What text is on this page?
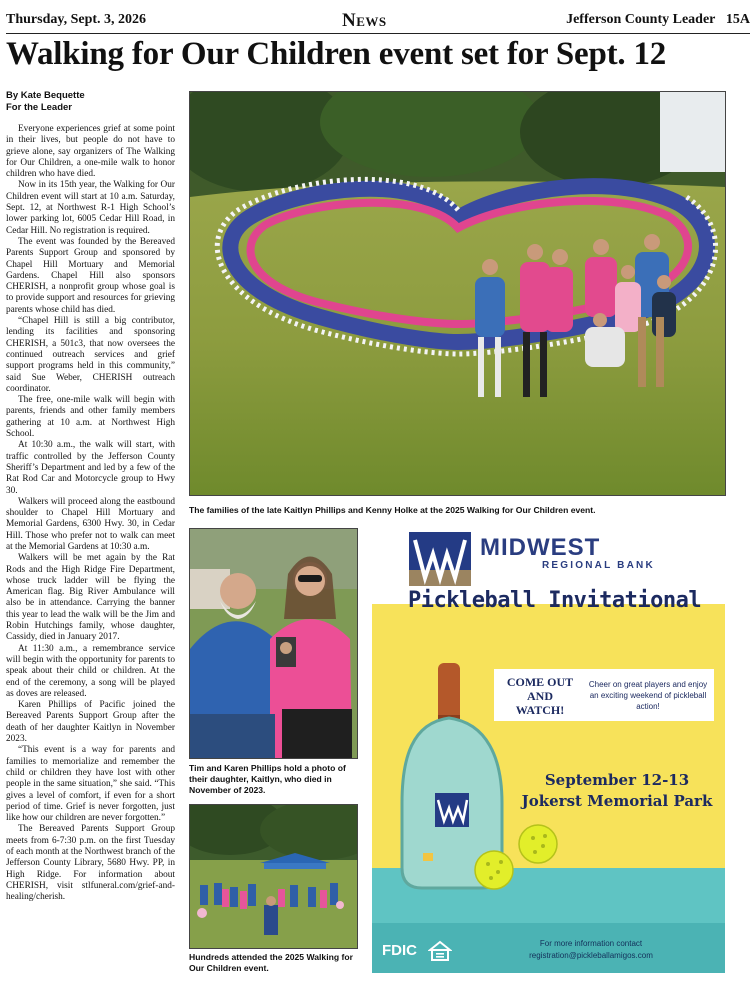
Thursday, Sept. 3, 2026	News	Jefferson County Leader 15A
Walking for Our Children event set for Sept. 12
By Kate Bequette
For the Leader

Everyone experiences grief at some point in their lives, but people do not have to grieve alone, say organizers of The Walking for Our Children, a one-mile walk to honor children who have died.

Now in its 15th year, the Walking for Our Children event will start at 10 a.m. Saturday, Sept. 12, at Northwest R-1 High School’s lower parking lot, 6005 Cedar Hill Road, in Cedar Hill. No registration is required.

The event was founded by the Bereaved Parents Support Group and sponsored by Chapel Hill Mortuary and Memorial Gardens. Chapel Hill also sponsors CHERISH, a nonprofit group whose goal is to provide support and resources for grieving parents whose child has died.

“Chapel Hill is still a big contributor, lending its facilities and sponsoring CHERISH, a 501c3, that now oversees the continued outreach services and grief support programs held in this community,” said Sue Weber, CHERISH outreach coordinator.

The free, one-mile walk will begin with parents, friends and other family members gathering at 10 a.m. at Northwest High School.

At 10:30 a.m., the walk will start, with traffic controlled by the Jefferson County Sheriff’s Department and led by a few of the Rat Rod Car and Motorcycle group to Hwy 30.

Walkers will proceed along the eastbound shoulder to Chapel Hill Mortuary and Memorial Gardens, 6300 Hwy. 30, in Cedar Hill. Those who prefer not to walk can meet at the Memorial Gardens at 10:30 a.m.

Walkers will be met again by the Rat Rods and the High Ridge Fire Department, whose truck ladder will be flying the American flag. Big River Ambulance will also be in attendance. Carrying the banner this year to lead the walk will be the Jim and Robin Hutchings family, whose daughter, Cassidy, died in January 2017.

At 11:30 a.m., a remembrance service will begin with the opportunity for parents to speak about their child or children. At the end of the ceremony, a song will be played as doves are released.

Karen Phillips of Pacific joined the Bereaved Parents Support Group after the death of her daughter Kaitlyn in November 2023.

“This event is a way for parents and families to memorialize and remember the child or children they have lost with other people in the same situation,” she said. “This gives a level of comfort, if even for a short period of time. Grief is never forgotten, just like how our children are never forgotten.”

The Bereaved Parents Support Group meets from 6-7:30 p.m. on the first Tuesday of each month at the Northwest branch of the Jefferson County Library, 5680 Hwy. PP, in High Ridge. For information about CHERISH, visit stlfuneral.com/grief-and-healing/cherish.

The families of the late Kaitlyn Phillips and Kenny Holke at the 2025 Walking for Our Children event.
Tim and Karen Phillips hold a photo of their daughter, Kaitlyn, who died in November of 2023.
Hundreds attended the 2025 Walking for Our Children event.
MIDWEST
REGIONAL BANK
Pickleball Invitational
COME OUT
AND
WATCH!
Cheer on great players and enjoy an exciting weekend of pickleball action!
September 12-13
Jokerst Memorial Park
FDIC	For more information contact
registration@pickleballamigos.com
